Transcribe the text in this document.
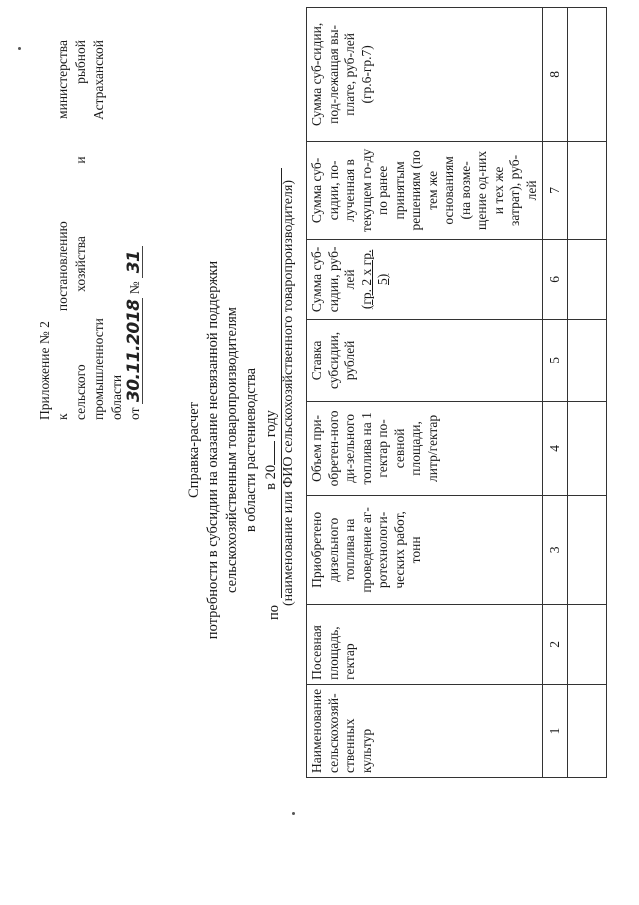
Приложение № 2 к постановлению министерства сельского хозяйства и рыбной промышленности Астраханской области от 30.11.2018 № 31
Справка-расчет потребности в субсидии на оказание несвязанной поддержки сельскохозяйственным товаропроизводителям в области растениеводства в 20 году
по
(наименование или ФИО сельскохозяйственного товаропроизводителя)
Наименование сельскохозяй-ственных культур	Посевная площадь, гектар	Приобретено дизельного топлива на проведение аг-ротехнологи-ческих работ, тонн	Объем при-обретен-ного ди-зельного топлива на 1 гектар по-севной площади, литр/гектар	Ставка субсидии, рублей	Сумма суб-сидии, руб-лей (гр. 2 х гр. 5)	Сумма суб-сидии, по-лученная в текущем го-ду по ранее принятым решениям (по тем же основаниям (на возме-щение од-них и тех же затрат), руб-лей	Сумма суб-сидии, под-лежащая вы-плате, руб-лей (гр.6-гр.7)
1	2	3	4	5	6	7	8
